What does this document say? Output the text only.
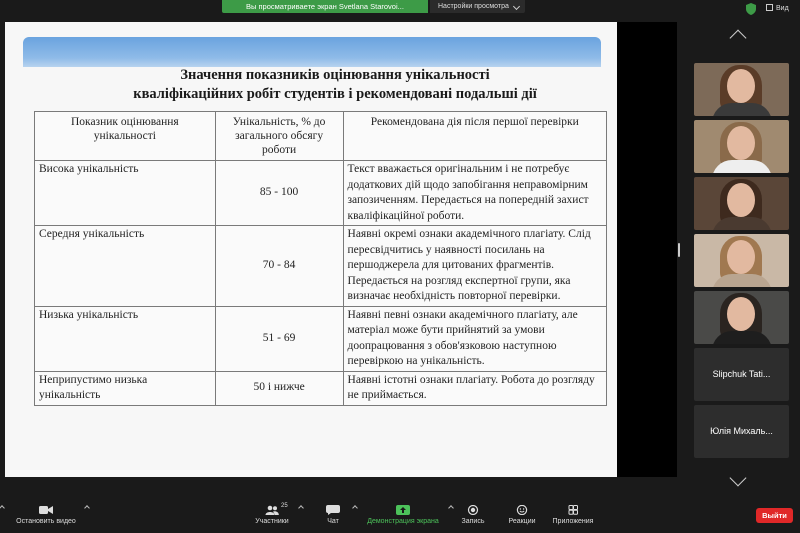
Вы просматриваете экран Svetlana Starovoi...	Настройки просмотра	Вид
Значення показників оцінювання унікальності
кваліфікаційних робіт студентів і рекомендовані подальші дії
Показник оцінювання унікальності	Унікальність, % до загального обсягу роботи	Рекомендована дія після першої перевірки
Висока унікальність	85 - 100	Текст вважається оригінальним і не потребує додаткових дій щодо запобігання неправомірним запозиченням. Передається на попередній захист кваліфікаційної роботи.
Середня унікальність	70 - 84	Наявні окремі ознаки академічного плагіату. Слід пересвідчитись у наявності посилань на першоджерела для цитованих фрагментів. Передається на розгляд експертної групи, яка визначає необхідність повторної перевірки.
Низька унікальність	51 - 69	Наявні певні ознаки академічного плагіату, але матеріал може бути прийнятий за умови доопрацювання з обов'язковою наступною перевіркою на унікальність.
Неприпустимо низька унікальність	50 і нижче	Наявні істотні ознаки плагіату. Робота до розгляду не приймається.
Slipchuk Tati...
Юлія Михаль...
Остановить видео	Участники
25
Чат	Демонстрация экрана	Запись	Реакции	Приложения
Выйти
